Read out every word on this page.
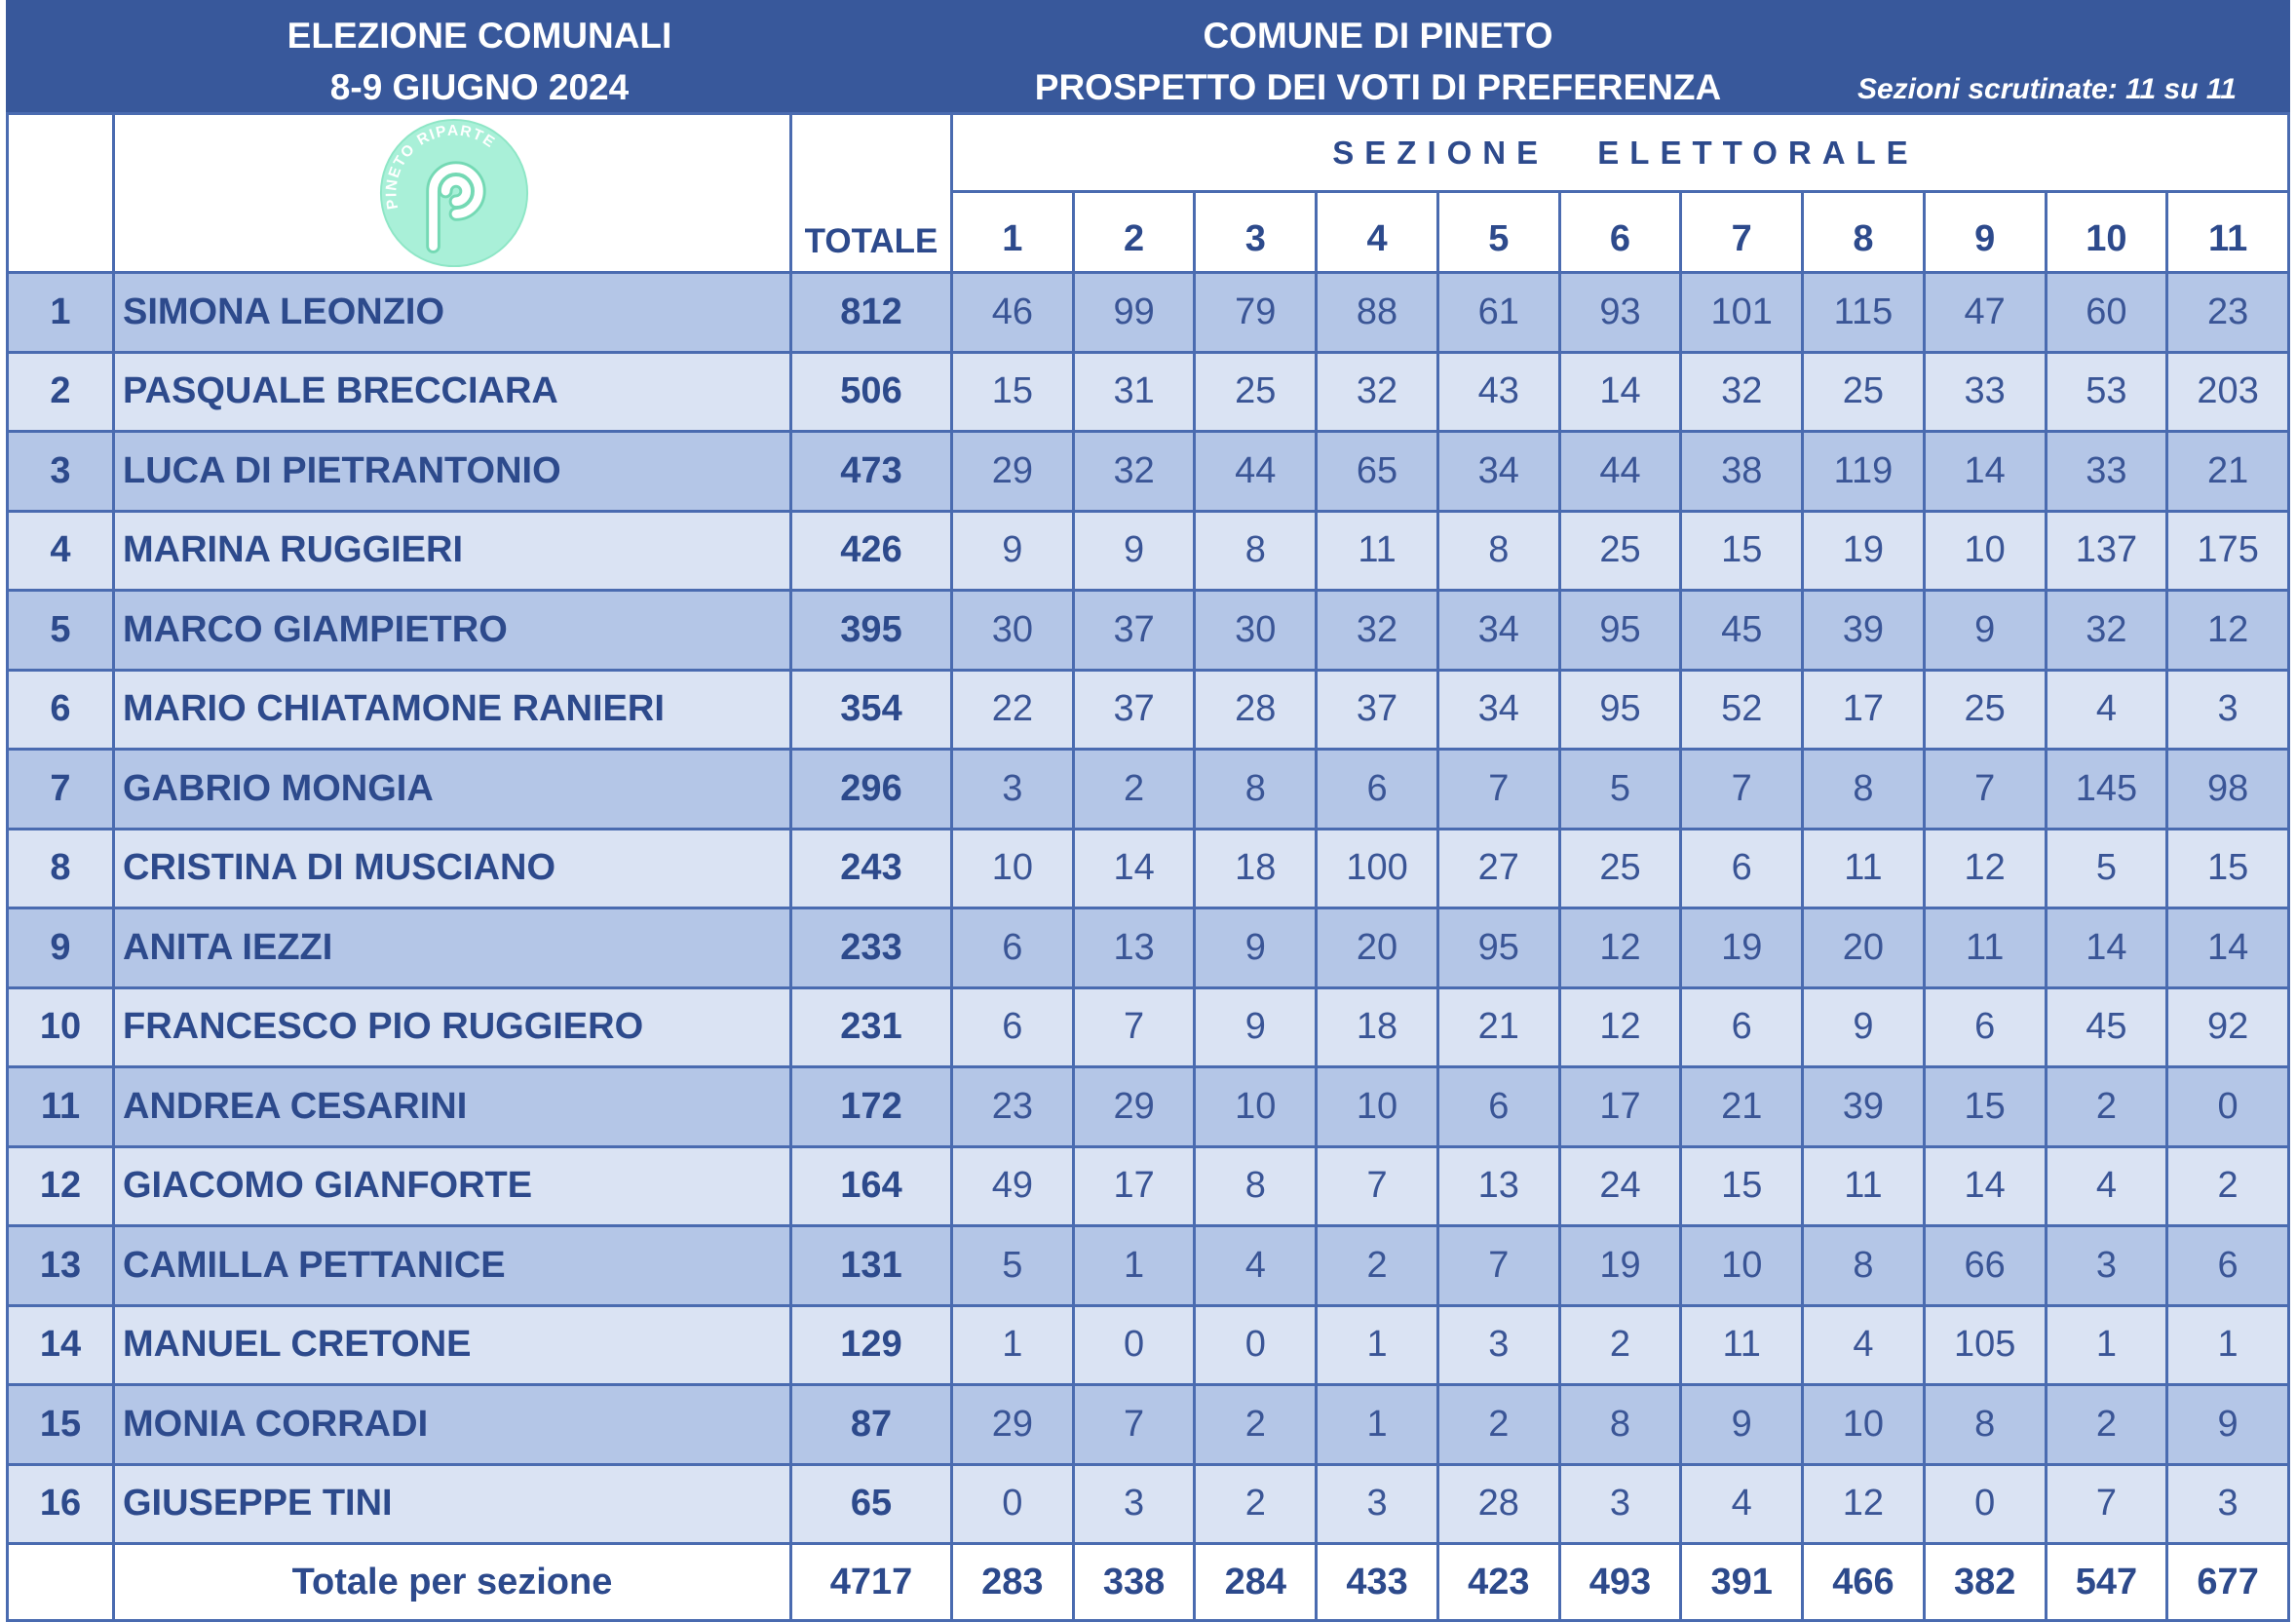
ELEZIONE COMUNALI
8-9 GIUGNO 2024
COMUNE DI PINETO
PROSPETTO DEI VOTI DI PREFERENZA	Sezioni scrutinate: 11 su 11
PINETO RIPARTE
TOTALE
SEZIONE ELETTORALE
1	2	3	4	5	6	7	8	9	10	11
1	SIMONA LEONZIO	812	46	99	79	88	61	93	101	115	47	60	23
2	PASQUALE BRECCIARA	506	15	31	25	32	43	14	32	25	33	53	203
3	LUCA DI PIETRANTONIO	473	29	32	44	65	34	44	38	119	14	33	21
4	MARINA RUGGIERI	426	9	9	8	11	8	25	15	19	10	137	175
5	MARCO GIAMPIETRO	395	30	37	30	32	34	95	45	39	9	32	12
6	MARIO CHIATAMONE RANIERI	354	22	37	28	37	34	95	52	17	25	4	3
7	GABRIO MONGIA	296	3	2	8	6	7	5	7	8	7	145	98
8	CRISTINA DI MUSCIANO	243	10	14	18	100	27	25	6	11	12	5	15
9	ANITA IEZZI	233	6	13	9	20	95	12	19	20	11	14	14
10	FRANCESCO PIO RUGGIERO	231	6	7	9	18	21	12	6	9	6	45	92
11	ANDREA CESARINI	172	23	29	10	10	6	17	21	39	15	2	0
12	GIACOMO GIANFORTE	164	49	17	8	7	13	24	15	11	14	4	2
13	CAMILLA PETTANICE	131	5	1	4	2	7	19	10	8	66	3	6
14	MANUEL CRETONE	129	1	0	0	1	3	2	11	4	105	1	1
15	MONIA CORRADI	87	29	7	2	1	2	8	9	10	8	2	9
16	GIUSEPPE TINI	65	0	3	2	3	28	3	4	12	0	7	3
Totale per sezione	4717	283	338	284	433	423	493	391	466	382	547	677
